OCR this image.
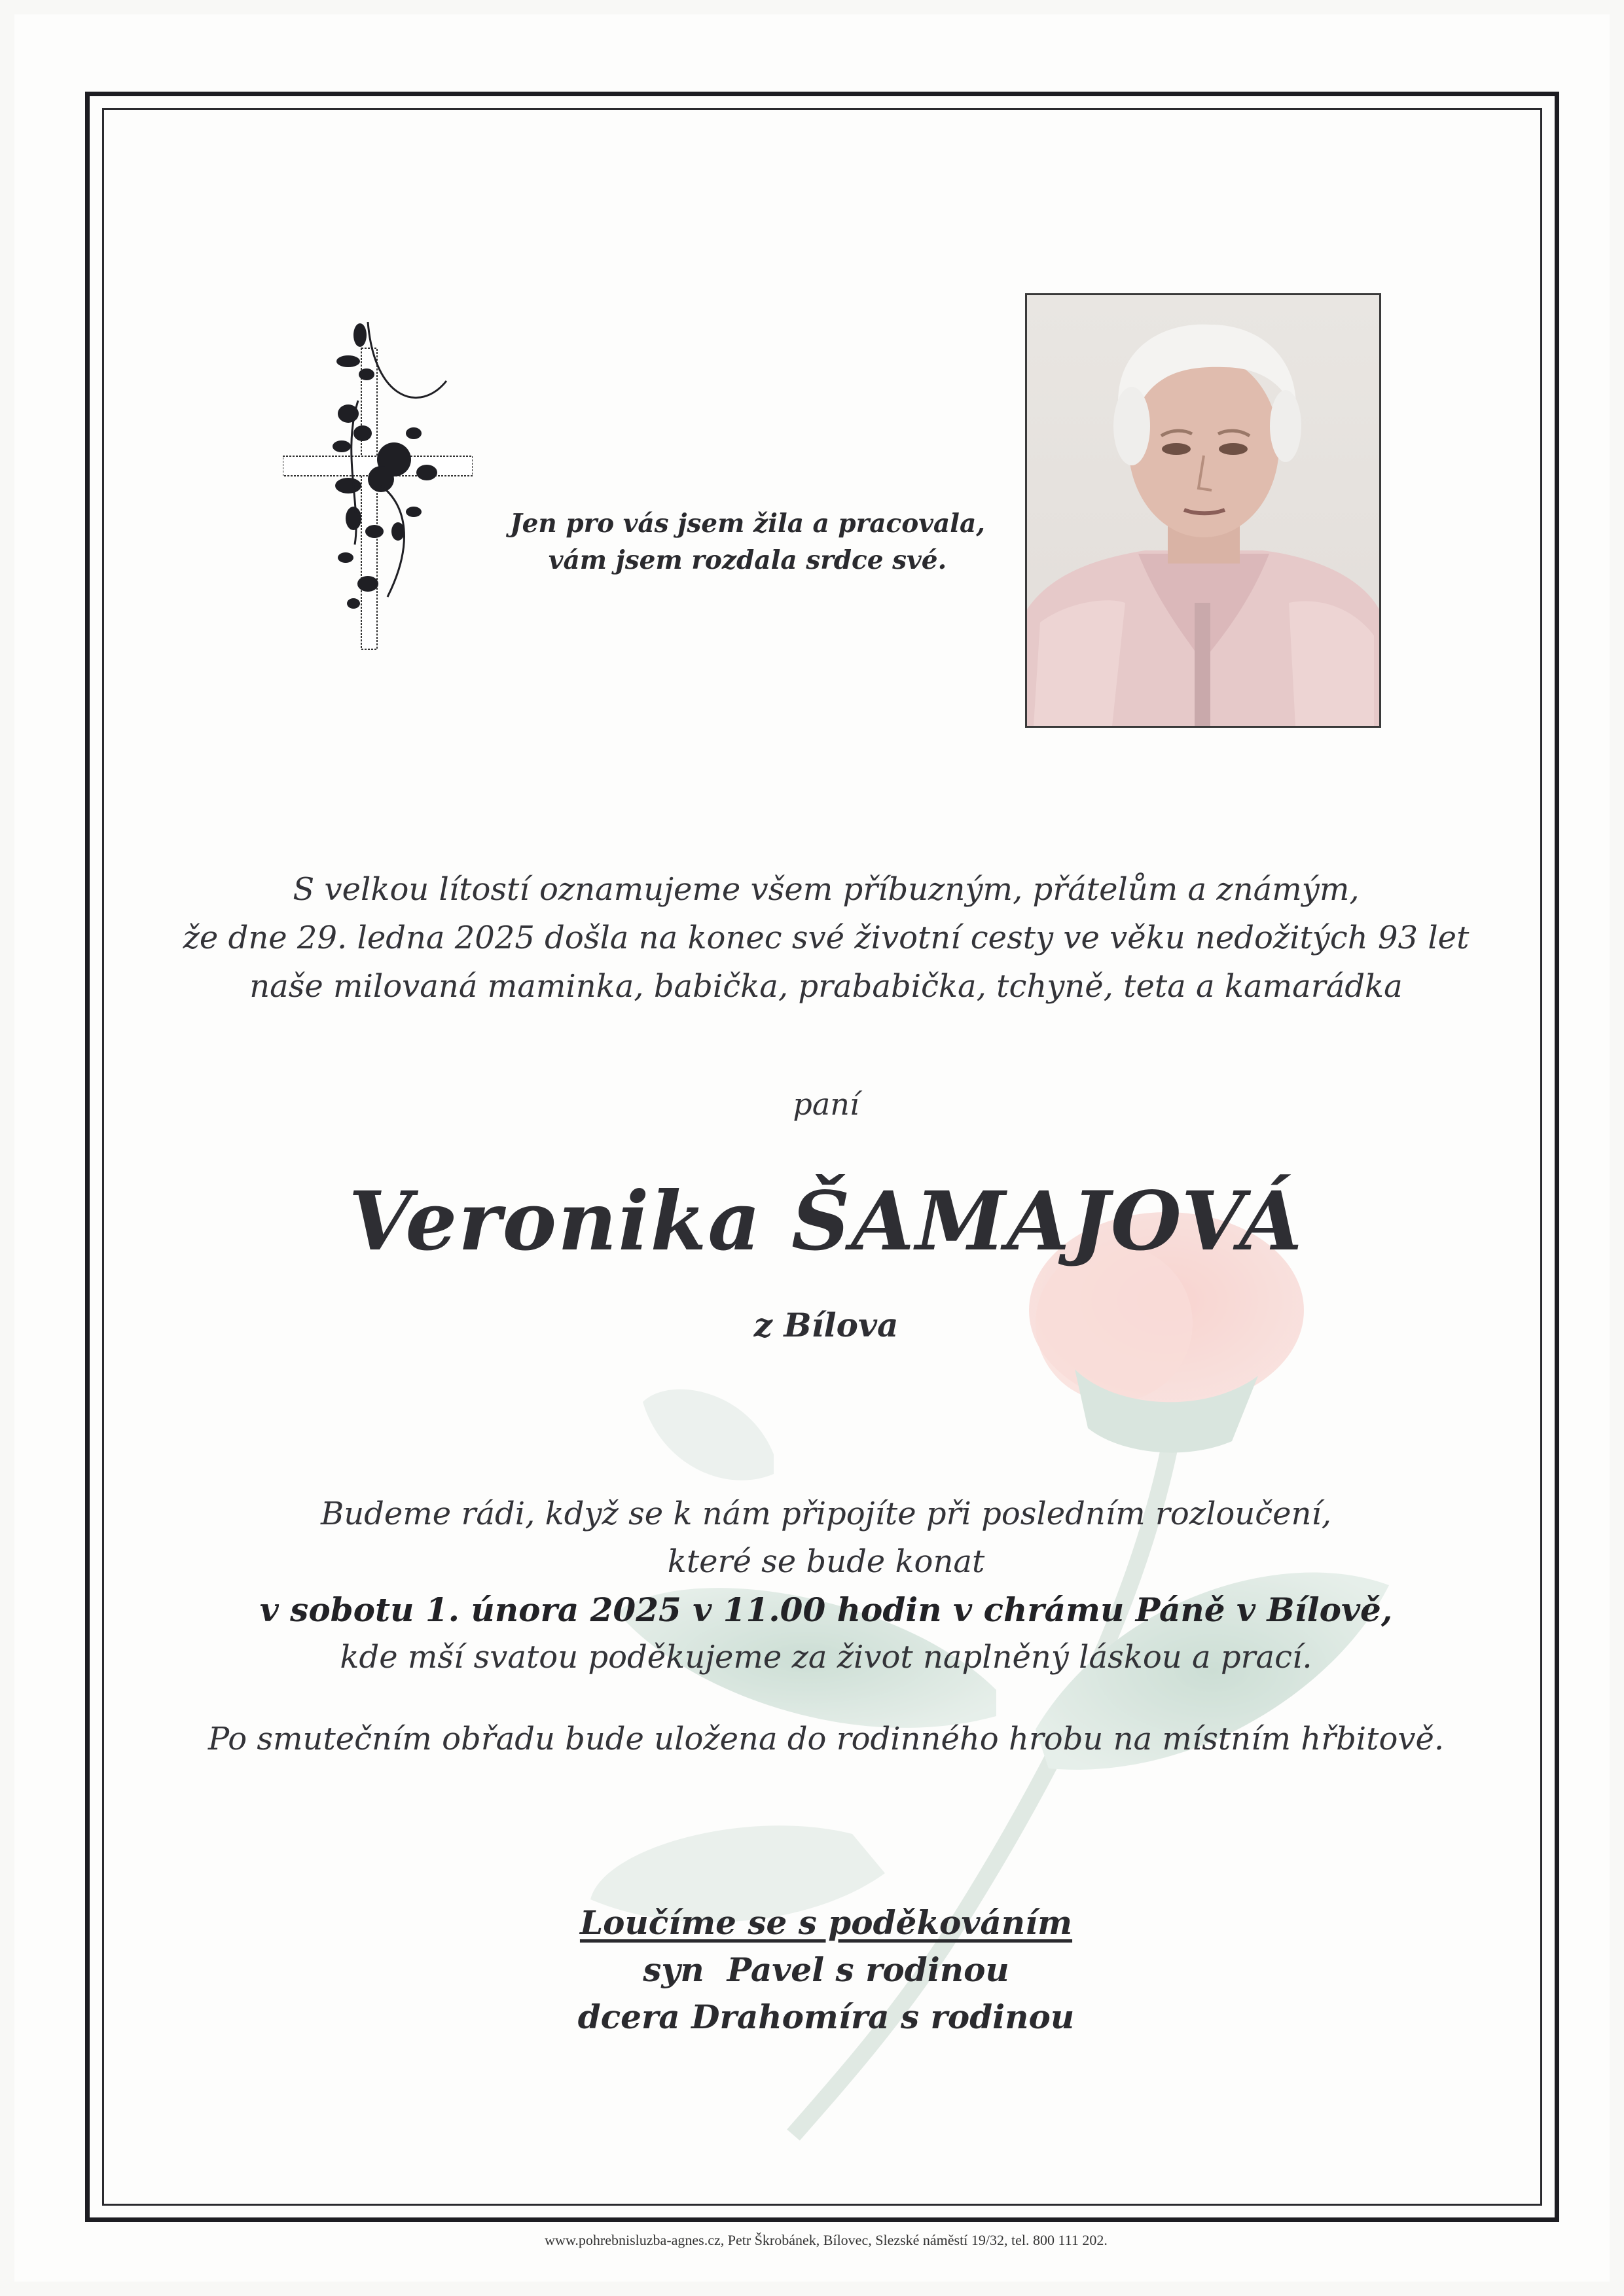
Jen pro vás jsem žila a pracovala,
vám jsem rozdala srdce své.
S velkou lítostí oznamujeme všem příbuzným, přátelům a známým,
že dne 29. ledna 2025 došla na konec své životní cesty ve věku nedožitých 93 let
naše milovaná maminka, babička, prababička, tchyně, teta a kamarádka
paní
Veronika ŠAMAJOVÁ
z Bílova
Budeme rádi, když se k nám připojíte při posledním rozloučení,
které se bude konat
v sobotu 1. února 2025 v 11.00 hodin v chrámu Páně v Bílově,
kde mší svatou poděkujeme za život naplněný láskou a prací.
Po smutečním obřadu bude uložena do rodinného hrobu na místním hřbitově.
Loučíme se s poděkováním
syn  Pavel s rodinou
dcera Drahomíra s rodinou
www.pohrebnisluzba-agnes.cz, Petr Škrobánek, Bílovec, Slezské náměstí 19/32, tel. 800 111 202.
